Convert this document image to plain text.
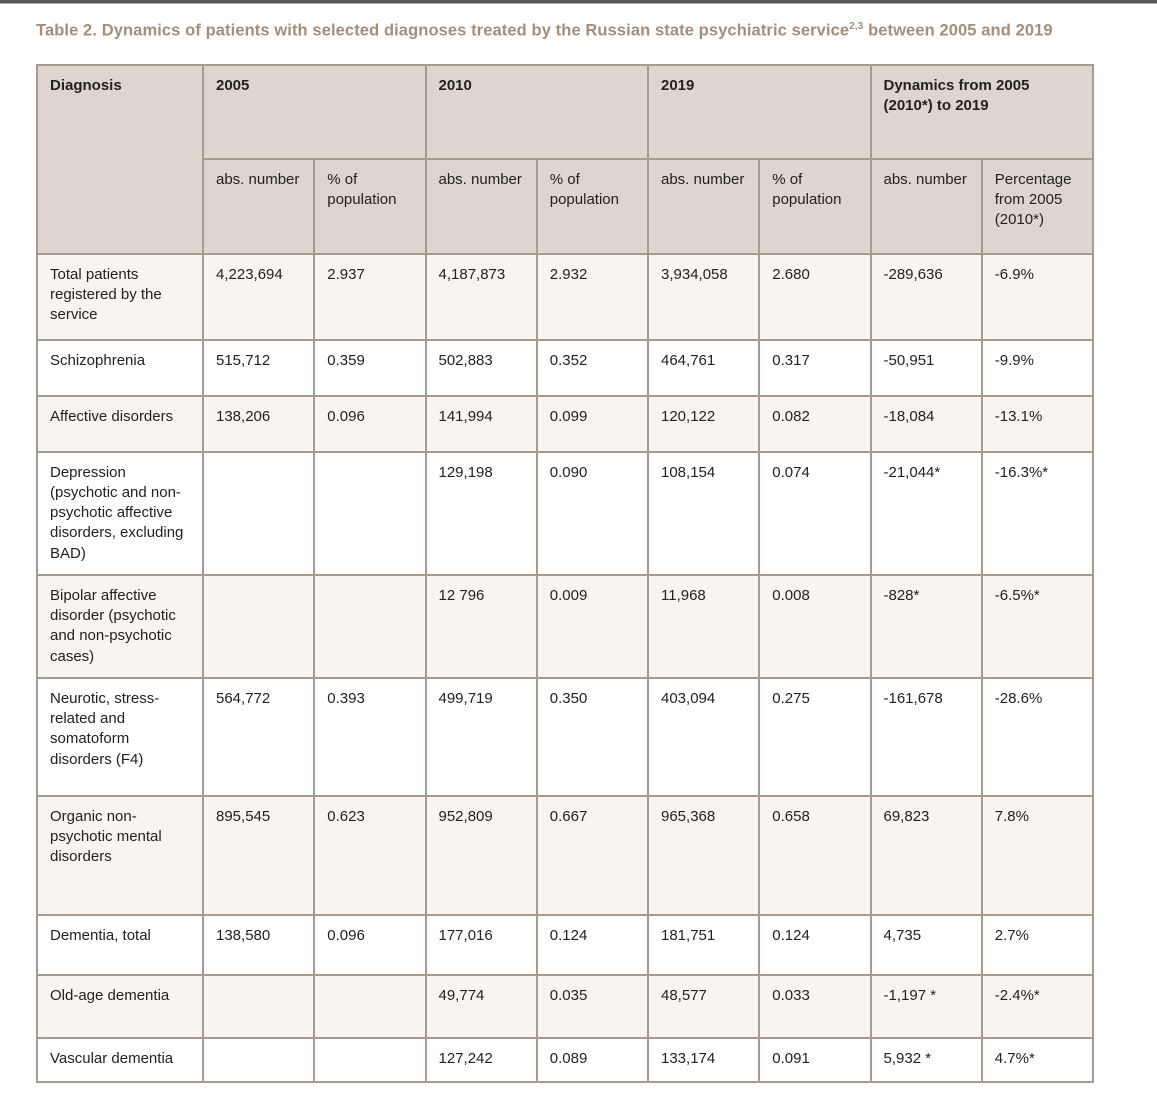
Table 2. Dynamics of patients with selected diagnoses treated by the Russian state psychiatric service$^{2,3}$ between 2005 and 2019
Diagnosis	2005		2010		2019		Dynamics from 2005 (2010*) to 2019	
	abs. number	% of population	abs. number	% of population	abs. number	% of population	abs. number	Percentage from 2005 (2010*)
Total patients registered by the service	4,223,694	2.937	4,187,873	2.932	3,934,058	2.680	-289,636	-6.9%
Schizophrenia	515,712	0.359	502,883	0.352	464,761	0.317	-50,951	-9.9%
Affective disorders	138,206	0.096	141,994	0.099	120,122	0.082	-18,084	-13.1%
Depression (psychotic and non-psychotic affective disorders, excluding BAD)			129,198	0.090	108,154	0.074	-21,044*	-16.3%*
Bipolar affective disorder (psychotic and non-psychotic cases)			12 796	0.009	11,968	0.008	-828*	-6.5%*
Neurotic, stress-related and somatoform disorders (F4)	564,772	0.393	499,719	0.350	403,094	0.275	-161,678	-28.6%
Organic non-psychotic mental disorders	895,545	0.623	952,809	0.667	965,368	0.658	69,823	7.8%
Dementia, total	138,580	0.096	177,016	0.124	181,751	0.124	4,735	2.7%
Old-age dementia			49,774	0.035	48,577	0.033	-1,197 *	-2.4%*
Vascular dementia			127,242	0.089	133,174	0.091	5,932 *	4.7%*
